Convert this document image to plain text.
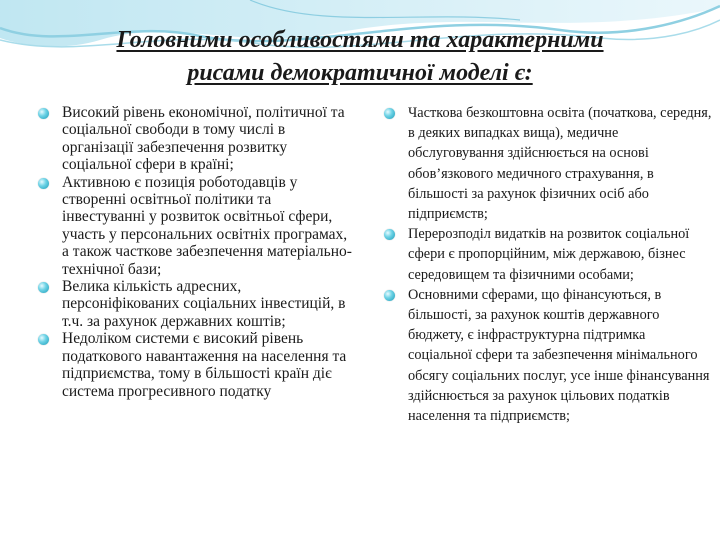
Головними особливостями та характерними
рисами демократичної моделі є:
Високий рівень економічної, політичної та соціальної свободи в тому числі в організації забезпечення розвитку соціальної сфери в країні;
Активною є позиція роботодавців у створенні освітньої політики та інвестуванні у розвиток освітньої сфери, участь у персональних освітніх програмах, а також часткове забезпечення матеріально-технічної бази;
Велика кількість адресних, персоніфікованих соціальних інвестицій, в т.ч. за рахунок державних коштів;
Недоліком системи є високий рівень податкового навантаження на населення та підприємства, тому в більшості країн діє система прогресивного податку
Часткова безкоштовна освіта (початкова, середня, в деяких випадках вища), медичне обслуговування здійснюється на основі обов’язкового медичного страхування, в більшості за рахунок фізичних осіб або підприємств;
Перерозподіл видатків на розвиток соціальної сфери є пропорційним, між державою, бізнес середовищем та фізичними особами;
Основними сферами, що фінансуються, в більшості, за рахунок коштів державного бюджету, є інфраструктурна підтримка соціальної сфери та забезпечення мінімального обсягу соціальних послуг, усе інше фінансування здійснюється за рахунок цільових податків населення та підприємств;
